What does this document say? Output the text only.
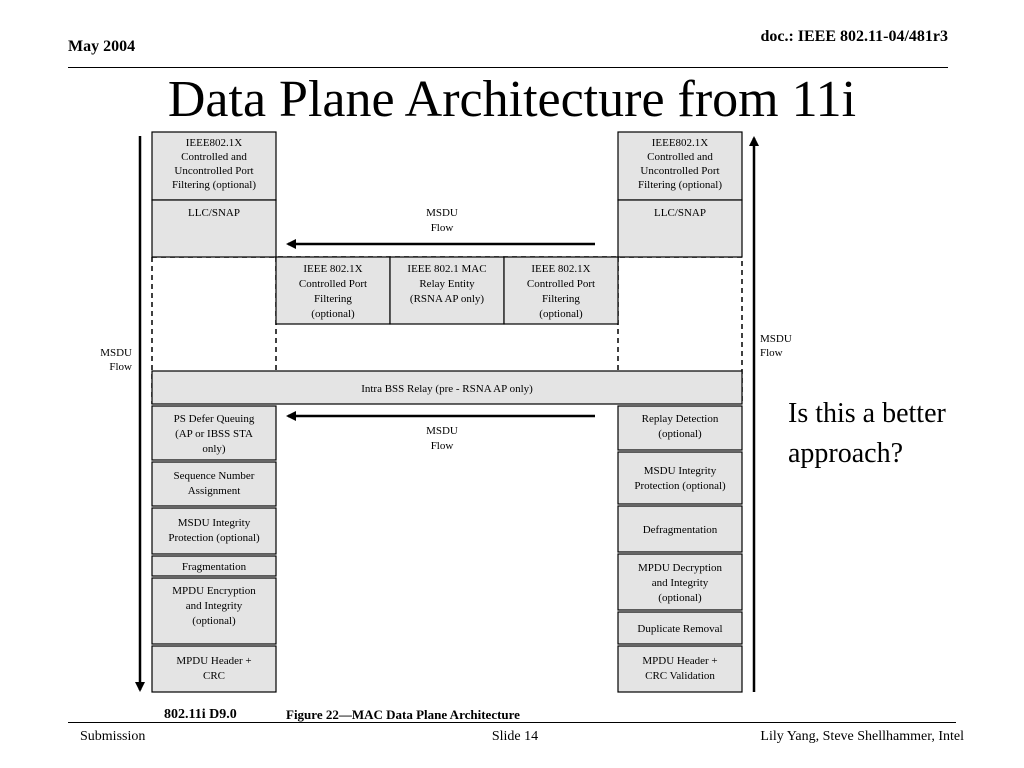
May 2004
doc.: IEEE 802.11-04/481r3
IEEE802.1X Controlled and Uncontrolled Port Filtering (optional)
LLC/SNAP
PS Defer Queuing (AP or IBSS STA only)
Sequence Number Assignment
MSDU Integrity Protection (optional)
Fragmentation
MPDU Encryption and Integrity (optional)
MPDU Header + CRC
IEEE802.1X Controlled and Uncontrolled Port Filtering (optional)
LLC/SNAP
Replay Detection (optional)
MSDU Integrity Protection (optional)
Defragmentation
MPDU Decryption and Integrity (optional)
Duplicate Removal
MPDU Header + CRC Validation
IEEE 802.1X Controlled Port Filtering (optional)
IEEE 802.1 MAC Relay Entity (RSNA AP only)
IEEE 802.1X Controlled Port Filtering (optional)
Intra BSS Relay (pre - RSNA AP only)
MSDU Flow
MSDU Flow
MSDU Flow
MSDU Flow
802.11i D9.0	Figure 22—MAC Data Plane Architecture
Data Plane Architecture from 11i
Is this a better approach?
Submission	Slide 14	Lily Yang, Steve Shellhammer, Intel
